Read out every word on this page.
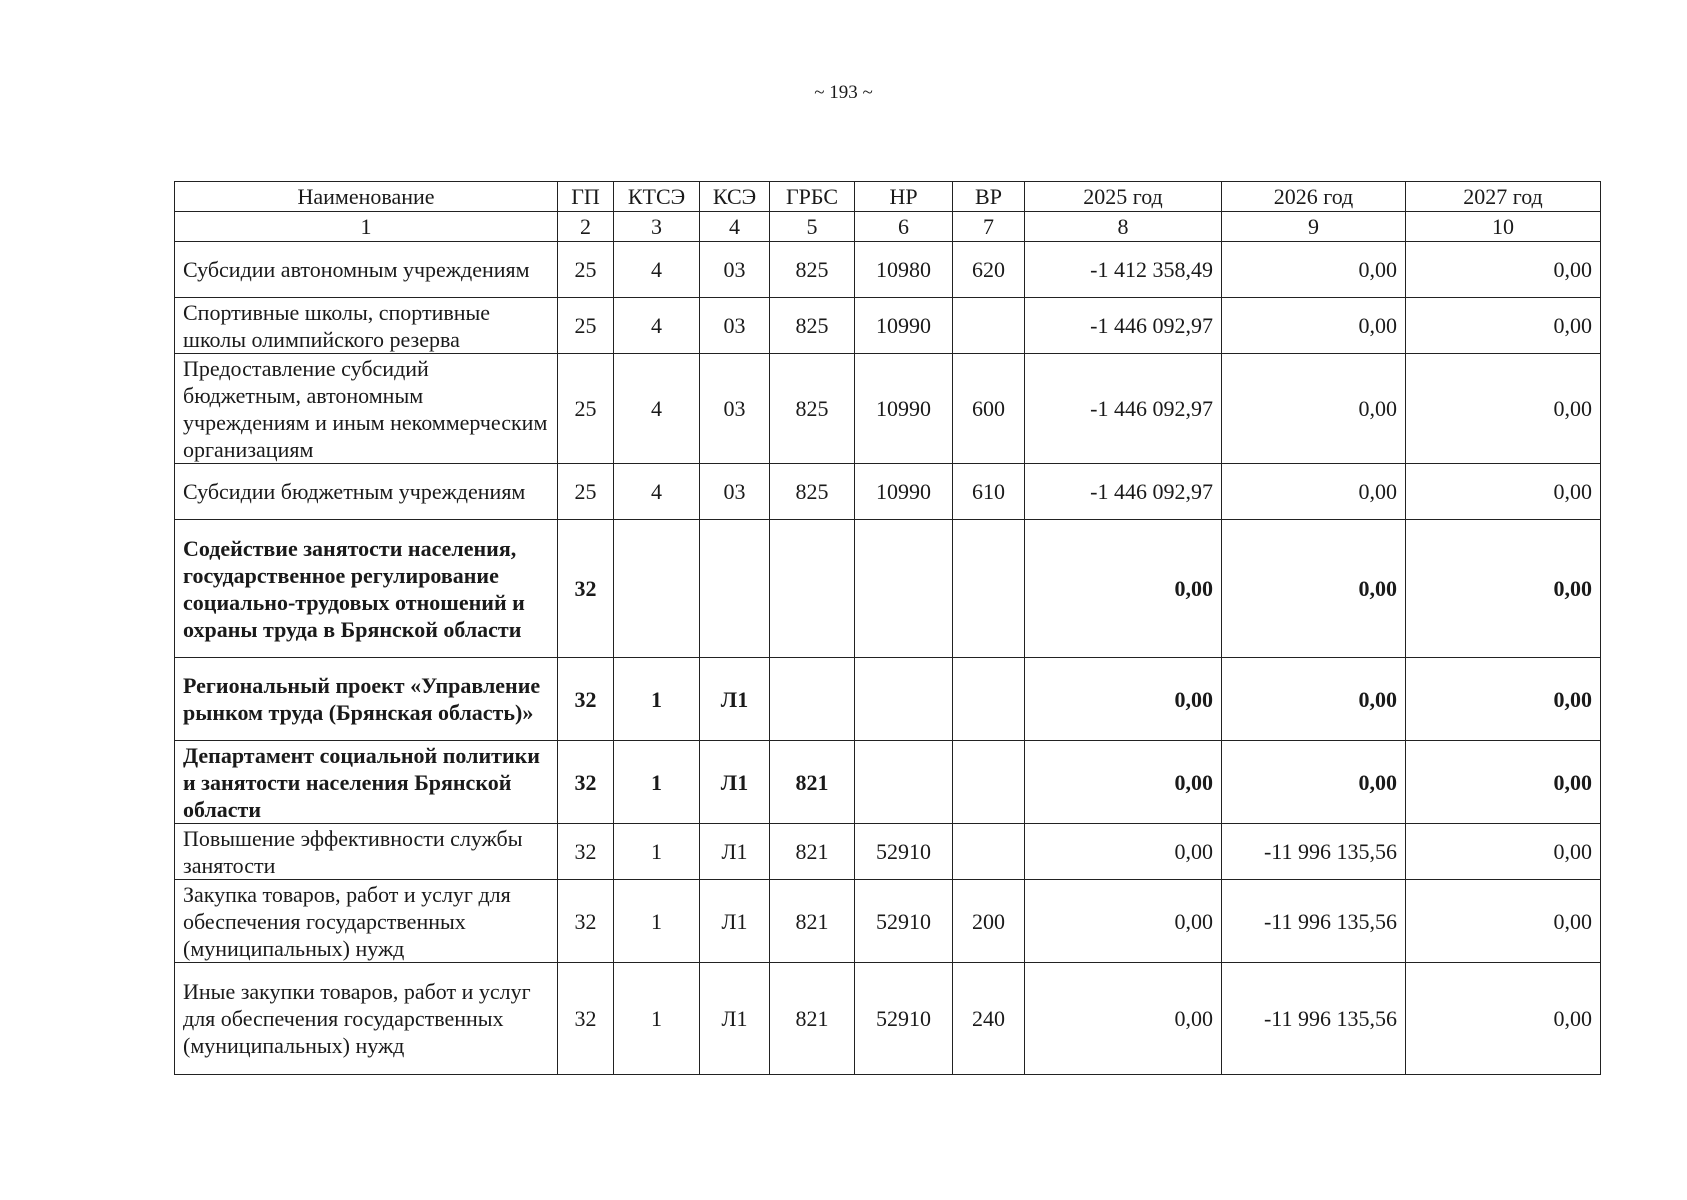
~ 193 ~
Наименование	ГП	КТСЭ	КСЭ	ГРБС	НР	ВР	2025 год	2026 год	2027 год
1	2	3	4	5	6	7	8	9	10
Субсидии автономным учреждениям	25	4	03	825	10980	620	-1 412 358,49	0,00	0,00
Спортивные школы, спортивные школы олимпийского резерва	25	4	03	825	10990		-1 446 092,97	0,00	0,00
Предоставление субсидий бюджетным, автономным учреждениям и иным некоммерческим организациям	25	4	03	825	10990	600	-1 446 092,97	0,00	0,00
Субсидии бюджетным учреждениям	25	4	03	825	10990	610	-1 446 092,97	0,00	0,00
Содействие занятости населения, государственное регулирование социально-трудовых отношений и охраны труда в Брянской области	32						0,00	0,00	0,00
Региональный проект «Управление рынком труда (Брянская область)»	32	1	Л1				0,00	0,00	0,00
Департамент социальной политики и занятости населения Брянской области	32	1	Л1	821			0,00	0,00	0,00
Повышение эффективности службы занятости	32	1	Л1	821	52910		0,00	-11 996 135,56	0,00
Закупка товаров, работ и услуг для обеспечения государственных (муниципальных) нужд	32	1	Л1	821	52910	200	0,00	-11 996 135,56	0,00
Иные закупки товаров, работ и услуг для обеспечения государственных (муниципальных) нужд	32	1	Л1	821	52910	240	0,00	-11 996 135,56	0,00
